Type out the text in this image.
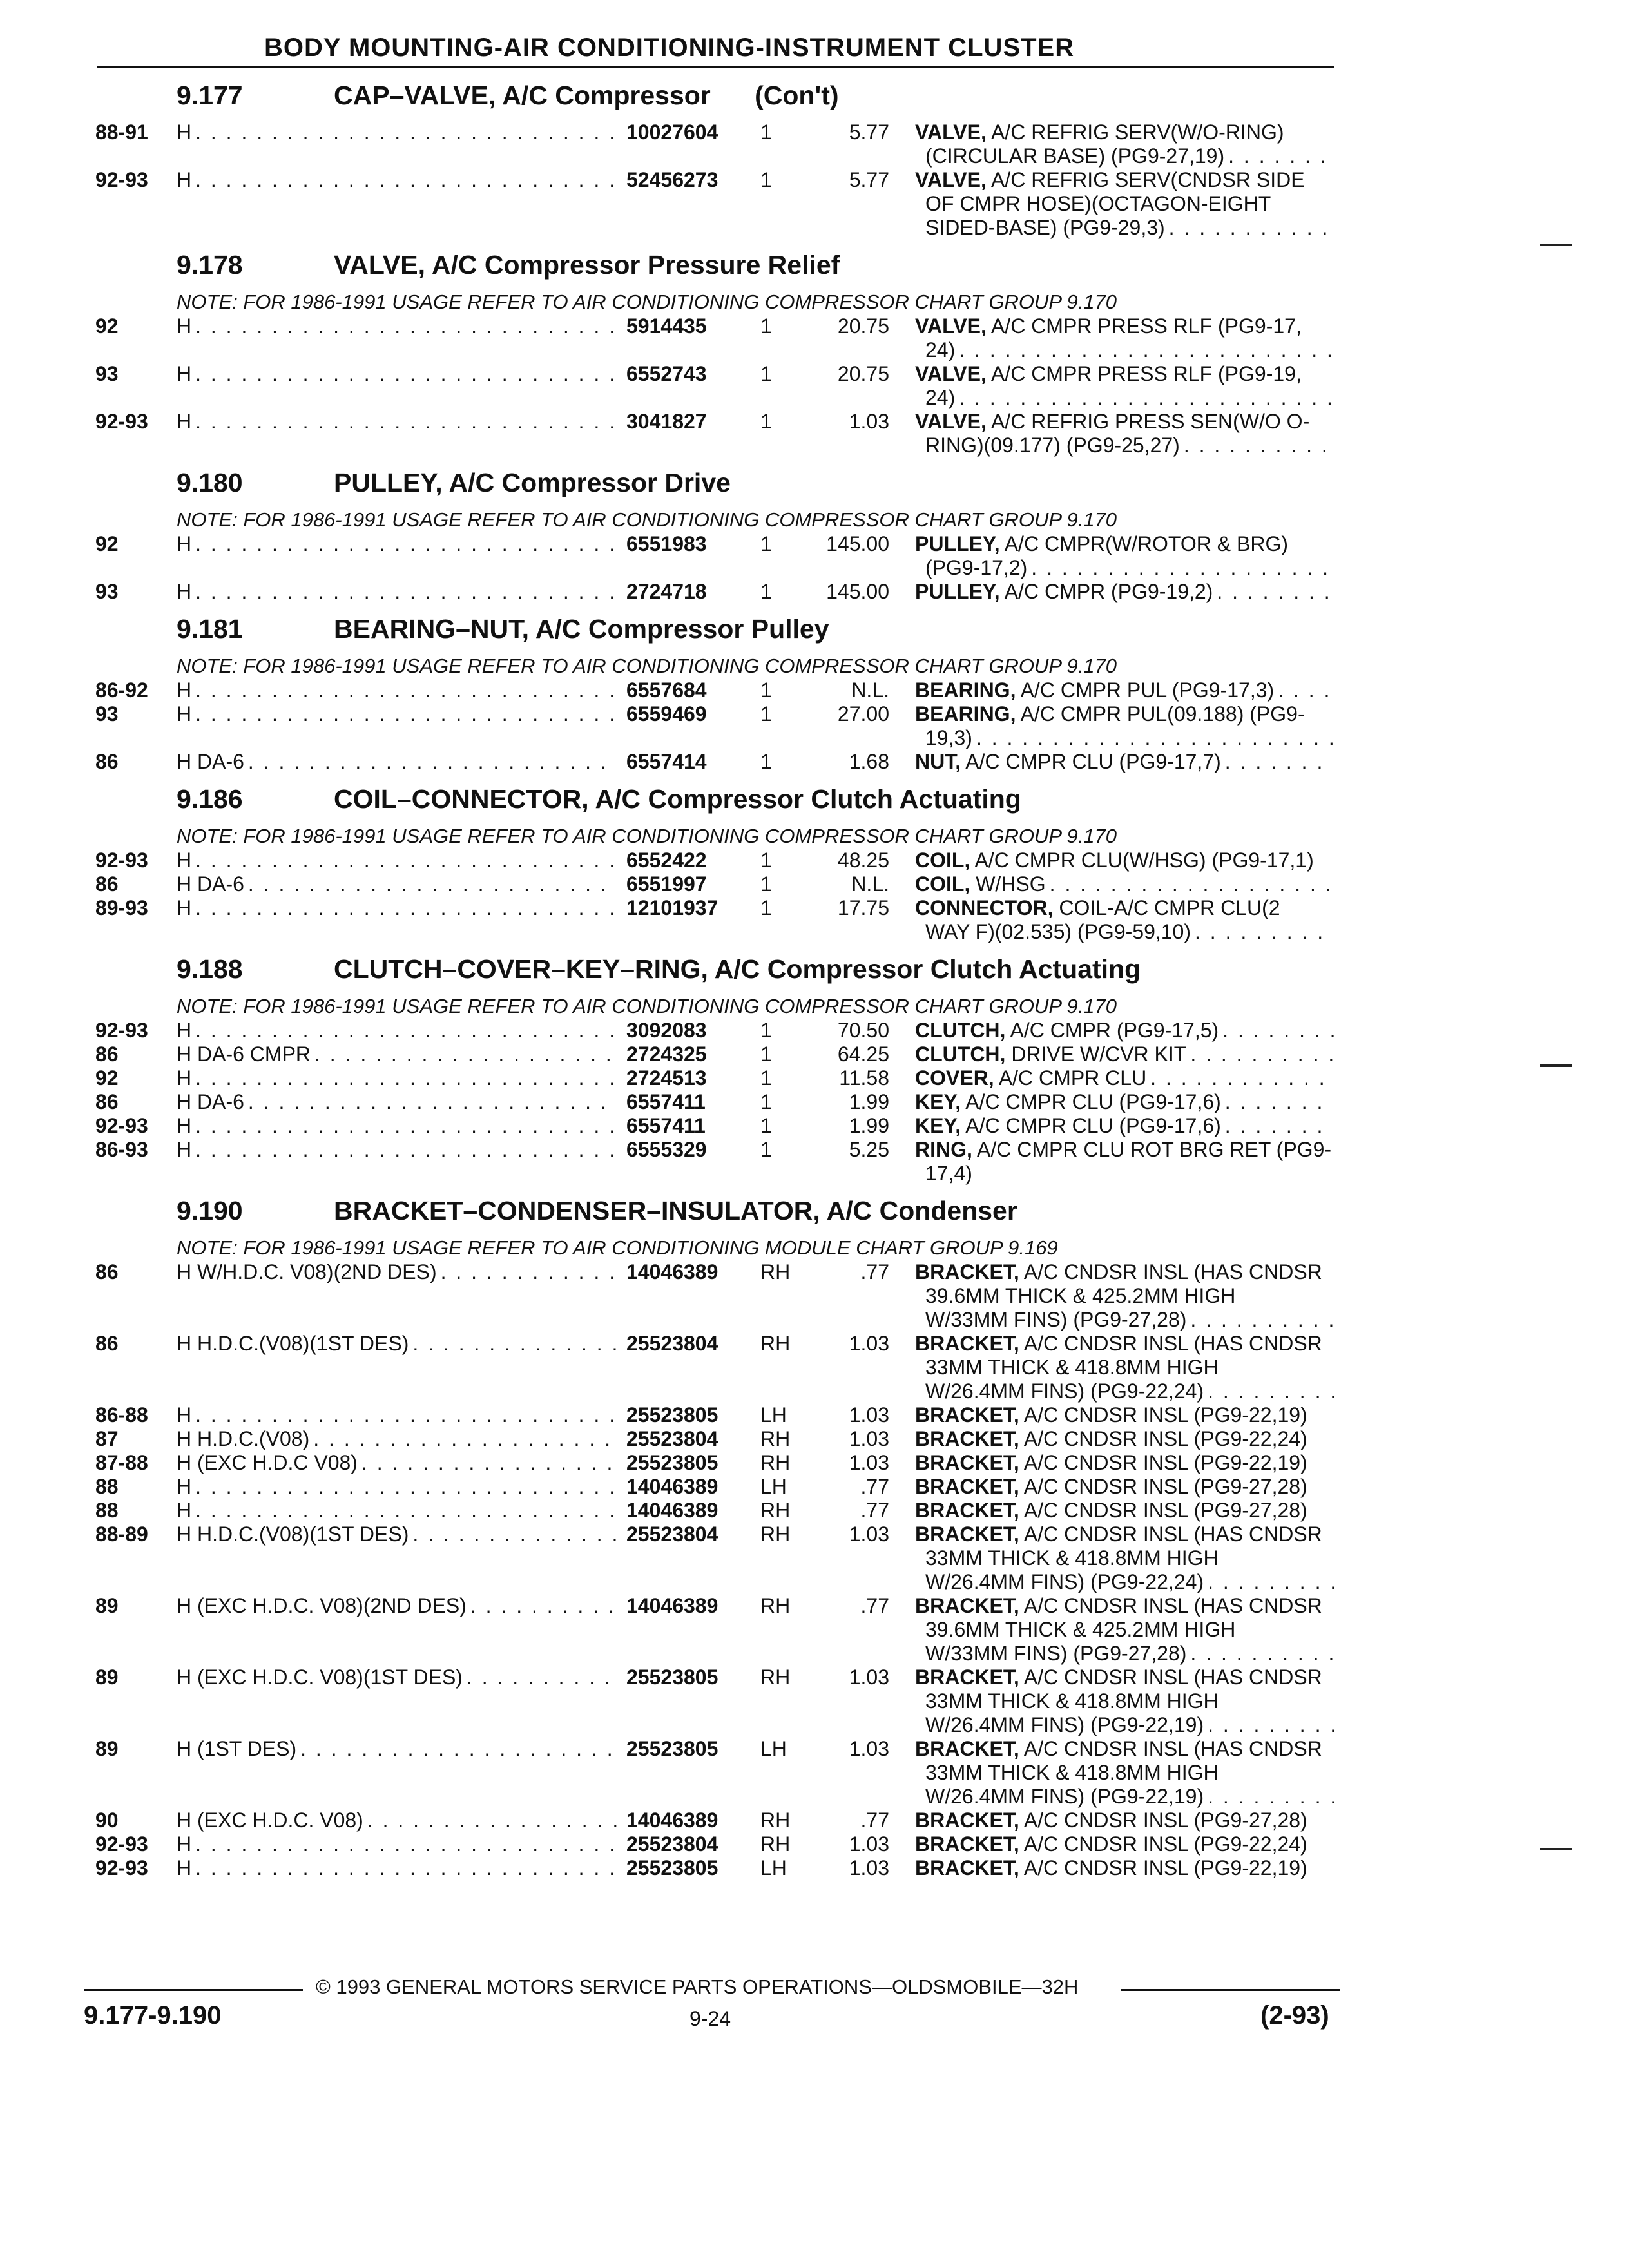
BODY MOUNTING-AIR CONDITIONING-INSTRUMENT CLUSTER
9.177	CAP–VALVE, A/C Compressor      (Con't)
88-91	H . . .	10027604	1	5.77 VALVE, A/C REFRIG SERV(W/O-RING)
(CIRCULAR BASE) (PG9-27,19)
. . .
92-93	H . . .	52456273	1	5.77 VALVE, A/C REFRIG SERV(CNDSR SIDE
OF CMPR HOSE)(OCTAGON-EIGHT
SIDED-BASE) (PG9-29,3)
. . .
9.178	VALVE, A/C Compressor Pressure Relief
NOTE: FOR 1986-1991 USAGE REFER TO AIR CONDITIONING COMPRESSOR CHART GROUP 9.170
92	H . . .	5914435	1	20.75 VALVE, A/C CMPR PRESS RLF (PG9-17,
24)
. . .
93	H . . .	6552743	1	20.75 VALVE, A/C CMPR PRESS RLF (PG9-19,
24)
. . .
92-93	H . . .	3041827	1	1.03 VALVE, A/C REFRIG PRESS SEN(W/O O-
RING)(09.177) (PG9-25,27)
. . .
9.180	PULLEY, A/C Compressor Drive
NOTE: FOR 1986-1991 USAGE REFER TO AIR CONDITIONING COMPRESSOR CHART GROUP 9.170
92	H . . .	6551983	1	145.00 PULLEY, A/C CMPR(W/ROTOR & BRG)
(PG9-17,2)
. . .
93	H . . .	2724718	1	145.00 PULLEY, A/C CMPR (PG9-19,2)
. . .
9.181	BEARING–NUT, A/C Compressor Pulley
NOTE: FOR 1986-1991 USAGE REFER TO AIR CONDITIONING COMPRESSOR CHART GROUP 9.170
86-92	H . . .	6557684	1	N.L. BEARING, A/C CMPR PUL (PG9-17,3)
. . .
93	H . . .	6559469	1	27.00 BEARING, A/C CMPR PUL(09.188) (PG9-
19,3)
. . .
86	H DA-6 . . .	6557414	1	1.68 NUT, A/C CMPR CLU (PG9-17,7)
. . .
9.186	COIL–CONNECTOR, A/C Compressor Clutch Actuating
NOTE: FOR 1986-1991 USAGE REFER TO AIR CONDITIONING COMPRESSOR CHART GROUP 9.170
92-93	H . . .	6552422	1	48.25 COIL, A/C CMPR CLU(W/HSG) (PG9-17,1)
86	H DA-6 . . .	6551997	1	N.L. COIL, W/HSG
. . .
89-93	H . . .	12101937	1	17.75 CONNECTOR, COIL-A/C CMPR CLU(2
WAY F)(02.535) (PG9-59,10)
. . .
9.188	CLUTCH–COVER–KEY–RING, A/C Compressor Clutch Actuating
NOTE: FOR 1986-1991 USAGE REFER TO AIR CONDITIONING COMPRESSOR CHART GROUP 9.170
92-93	H . . .	3092083	1	70.50 CLUTCH, A/C CMPR (PG9-17,5)
. . .
86	H DA-6 CMPR . . .	2724325	1	64.25 CLUTCH, DRIVE W/CVR KIT
. . .
92	H . . .	2724513	1	11.58 COVER, A/C CMPR CLU
. . .
86	H DA-6 . . .	6557411	1	1.99 KEY, A/C CMPR CLU (PG9-17,6)
. . .
92-93	H . . .	6557411	1	1.99 KEY, A/C CMPR CLU (PG9-17,6)
. . .
86-93	H . . .	6555329	1	5.25 RING, A/C CMPR CLU ROT BRG RET (PG9-
17,4)
9.190	BRACKET–CONDENSER–INSULATOR, A/C Condenser
NOTE: FOR 1986-1991 USAGE REFER TO AIR CONDITIONING MODULE CHART GROUP 9.169
86	H W/H.D.C. V08)(2ND DES) . . .	14046389	RH	.77 BRACKET, A/C CNDSR INSL (HAS CNDSR
39.6MM THICK & 425.2MM HIGH
W/33MM FINS) (PG9-27,28)
. . .
86	H H.D.C.(V08)(1ST DES) . . .	25523804	RH	1.03 BRACKET, A/C CNDSR INSL (HAS CNDSR
33MM THICK & 418.8MM HIGH
W/26.4MM FINS) (PG9-22,24)
. . .
86-88	H . . .	25523805	LH	1.03 BRACKET, A/C CNDSR INSL (PG9-22,19)
87	H H.D.C.(V08) . . .	25523804	RH	1.03 BRACKET, A/C CNDSR INSL (PG9-22,24)
87-88	H (EXC H.D.C V08) . . .	25523805	RH	1.03 BRACKET, A/C CNDSR INSL (PG9-22,19)
88	H . . .	14046389	LH	.77 BRACKET, A/C CNDSR INSL (PG9-27,28)
88	H . . .	14046389	RH	.77 BRACKET, A/C CNDSR INSL (PG9-27,28)
88-89	H H.D.C.(V08)(1ST DES) . . .	25523804	RH	1.03 BRACKET, A/C CNDSR INSL (HAS CNDSR
33MM THICK & 418.8MM HIGH
W/26.4MM FINS) (PG9-22,24)
. . .
89	H (EXC H.D.C. V08)(2ND DES) . . .	14046389	RH	.77 BRACKET, A/C CNDSR INSL (HAS CNDSR
39.6MM THICK & 425.2MM HIGH
W/33MM FINS) (PG9-27,28)
. . .
89	H (EXC H.D.C. V08)(1ST DES) . . .	25523805	RH	1.03 BRACKET, A/C CNDSR INSL (HAS CNDSR
33MM THICK & 418.8MM HIGH
W/26.4MM FINS) (PG9-22,19)
. . .
89	H (1ST DES) . . .	25523805	LH	1.03 BRACKET, A/C CNDSR INSL (HAS CNDSR
33MM THICK & 418.8MM HIGH
W/26.4MM FINS) (PG9-22,19)
. . .
90	H (EXC H.D.C. V08) . . .	14046389	RH	.77 BRACKET, A/C CNDSR INSL (PG9-27,28)
92-93	H . . .	25523804	RH	1.03 BRACKET, A/C CNDSR INSL (PG9-22,24)
92-93	H . . .	25523805	LH	1.03 BRACKET, A/C CNDSR INSL (PG9-22,19)
© 1993 GENERAL MOTORS SERVICE PARTS OPERATIONS—OLDSMOBILE—32H
9.177-9.190	9-24	(2-93)
